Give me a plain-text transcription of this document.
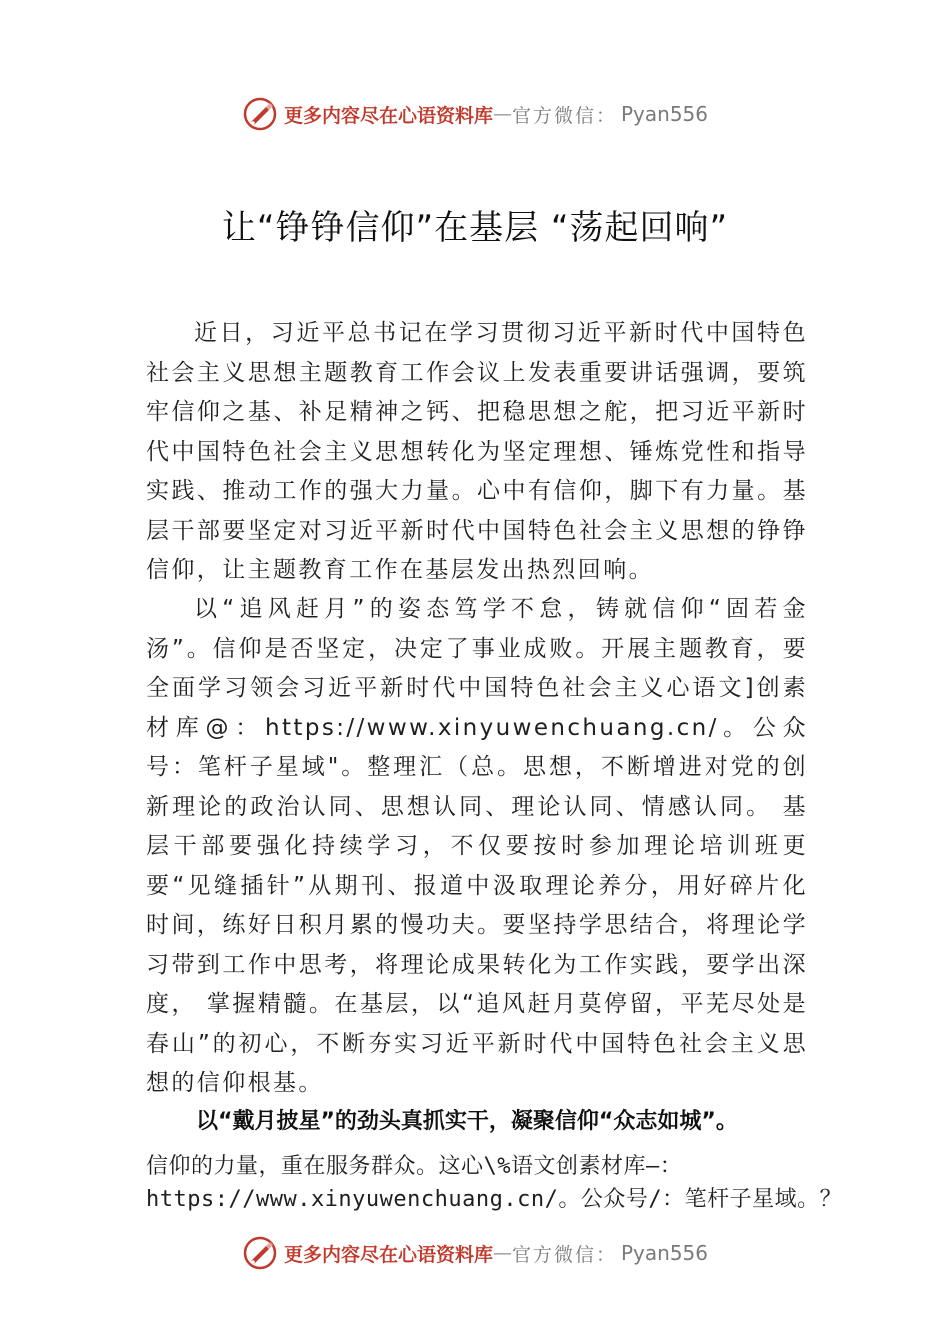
更多内容尽在心语资料库 — 官方微信： Pyan556
让“铮铮信仰”在基层 “荡起回响”
近日，习近平总书记在学习贯彻习近平新时代中国特色社会主义思想主题教育工作会议上发表重要讲话强调，要筑牢信仰之基、补足精神之钙、把稳思想之舵，把习近平新时代中国特色社会主义思想转化为坚定理想、锤炼党性和指导实践、推动工作的强大力量。心中有信仰，脚下有力量。基层干部要坚定对习近平新时代中国特色社会主义思想的铮铮信仰，让主题教育工作在基层发出热烈回响。
以“追风赶月”的姿态笃学不怠，铸就信仰“固若金汤”。信仰是否坚定，决定了事业成败。开展主题教育，要全面学习领会习近平新时代中国特色社会主义心语文]创素材库@：https://www.xinyuwenchuang.cn/。公众号：笔杆子星域"。整理汇（总。思想，不断增进对党的创新理论的政治认同、思想认同、理论认同、情感认同。 基层干部要强化持续学习，不仅要按时参加理论培训班更要“见缝插针”从期刊、报道中汲取理论养分，用好碎片化时间，练好日积月累的慢功夫。要坚持学思结合，将理论学习带到工作中思考，将理论成果转化为工作实践，要学出深度， 掌握精髓。在基层，以“追风赶月莫停留，平芜尽处是春山”的初心，不断夯实习近平新时代中国特色社会主义思想的信仰根基。
以“戴月披星”的劲头真抓实干，凝聚信仰“众志如城”。
信仰的力量，重在服务群众。这心\%语文创素材库—：
https://www.xinyuwenchuang.cn/。公众号/：笔杆子星域。？
更多内容尽在心语资料库 — 官方微信： Pyan556
